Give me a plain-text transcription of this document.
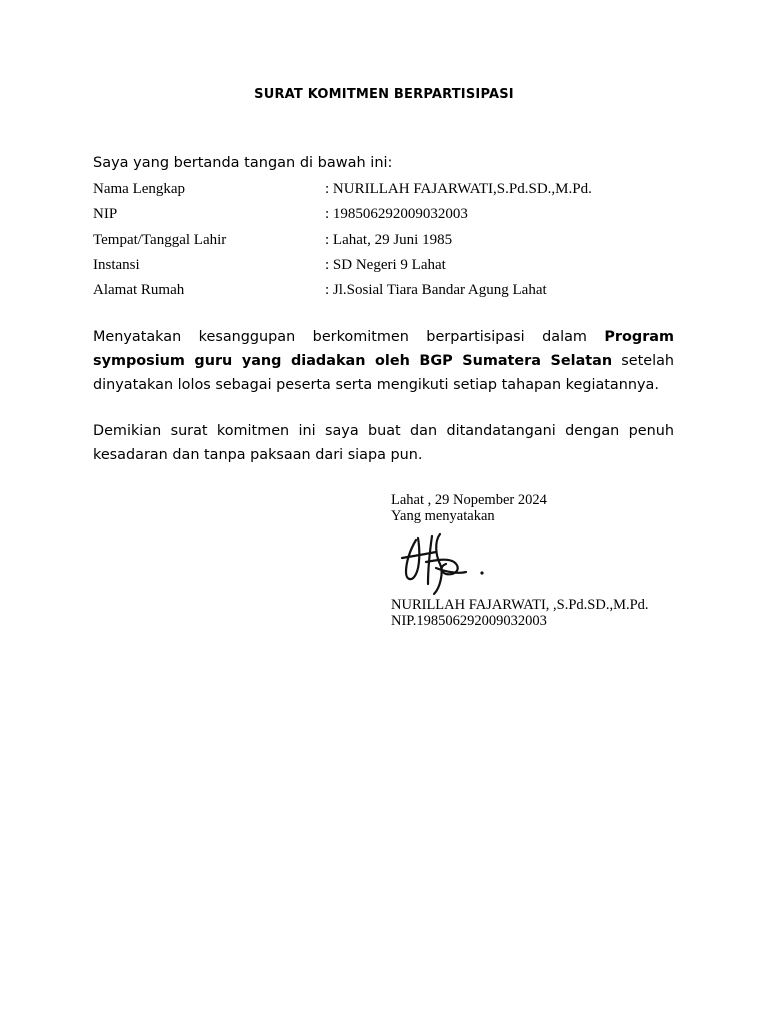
SURAT KOMITMEN BERPARTISIPASI
Saya yang bertanda tangan di bawah ini:
Nama Lengkap	: NURILLAH FAJARWATI,S.Pd.SD.,M.Pd.
NIP	: 198506292009032003
Tempat/Tanggal Lahir	: Lahat, 29 Juni 1985
Instansi	: SD Negeri 9 Lahat
Alamat Rumah	: Jl.Sosial Tiara Bandar Agung Lahat

Menyatakan kesanggupan berkomitmen berpartisipasi dalam Program symposium guru yang diadakan oleh BGP Sumatera Selatan setelah dinyatakan lolos sebagai peserta serta mengikuti setiap tahapan kegiatannya.

Demikian surat komitmen ini saya buat dan ditandatangani dengan penuh kesadaran dan tanpa paksaan dari siapa pun.

Lahat , 29 Nopember 2024
Yang menyatakan
NURILLAH FAJARWATI, ,S.Pd.SD.,M.Pd.
NIP.198506292009032003
